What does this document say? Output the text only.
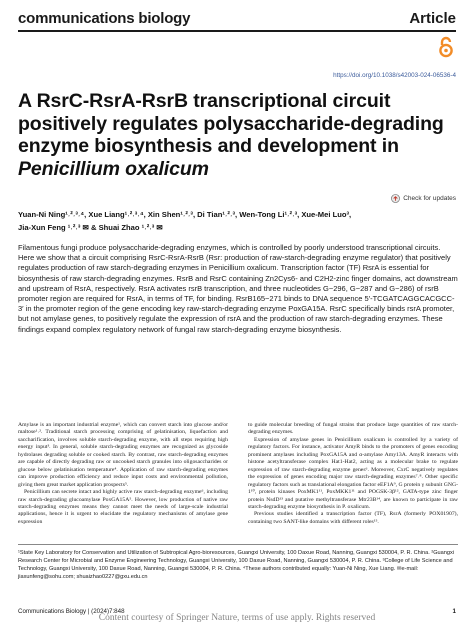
communications biology	Article
https://doi.org/10.1038/s42003-024-06536-4
A RsrC-RsrA-RsrB transcriptional circuit positively regulates polysaccharide-degrading enzyme biosynthesis and development in Penicillium oxalicum
Check for updates
Yuan-Ni Ning¹˒²˒³˒⁴, Xue Liang¹˒²˒³˒⁴, Xin Shen¹˒²˒³, Di Tian¹˒²˒³, Wen-Tong Li¹˒²˒³, Xue-Mei Luo³,
Jia-Xun Feng ¹˒²˒³ ✉ & Shuai Zhao ¹˒²˒³ ✉

Filamentous fungi produce polysaccharide-degrading enzymes, which is controlled by poorly understood transcriptional circuits. Here we show that a circuit comprising RsrC-RsrA-RsrB (Rsr: production of raw-starch-degrading enzyme regulator) that positively regulates production of raw starch-degrading enzymes in Penicillium oxalicum. Transcription factor (TF) RsrA is essential for biosynthesis of raw starch-degrading enzymes. RsrB and RsrC containing Zn2Cys6- and C2H2-zinc finger domains, act downstream and upstream of RsrA, respectively. RsrA activates rsrB transcription, and three nucleotides G−296, G−287 and G−286) of rsrB promoter region are required for RsrA, in terms of TF, for binding. RsrB165−271 binds to DNA sequence 5′-TCGATCAGGCACGCC-3′ in the promoter region of the gene encoding key raw-starch-degrading enzyme PoxGA15A. RsrC specifically binds rsrA promoter, but not amylase genes, to positively regulate the expression of rsrA and the production of raw starch-degrading enzymes. These findings expand complex regulatory network of fungal raw starch-degrading enzyme biosynthesis.

Amylase is an important industrial enzyme¹, which can convert starch into glucose and/or maltose¹˒². Traditional starch processing comprising of gelatinisation, liquefaction and saccharification, involves soluble starch-degrading enzyme, with all steps requiring high energy input³. In general, soluble starch-degrading enzymes are recognized as glycoside hydrolases degrading soluble or cooked starch. By contrast, raw starch-degrading enzymes are capable of directly degrading raw or uncooked starch granules into oligosaccharides or glucose below gelatinisation temperature⁴. Application of raw starch-degrading enzymes can improve production efficiency and reduce input costs and environmental pollution, giving them great market application prospects⁵.

Penicillium can secrete intact and highly active raw starch-degrading enzyme⁶, including raw starch-degrading glucoamylase PoxGA15A⁵. However, low production of native raw starch-degrading enzymes means they cannot meet the needs of large-scale industrial applications, hence it is urgent to elucidate the regulatory mechanisms of amylase gene expression

to guide molecular breeding of fungal strains that produce large quantities of raw starch-degrading enzymes.

Expression of amylase genes in Penicillium oxalicum is controlled by a variety of regulatory factors. For instance, activator AmyR binds to the promoters of genes encoding prominent amylases including PoxGA15A and α-amylase Amy13A. AmyR interacts with histone acetyltransferase complex Hat1-Hat2, acting as a molecular brake to regulate expression of raw starch-degrading enzyme genes⁶. Moreover, CxrC negatively regulates the expression of genes encoding major raw starch-degrading enzymes⁷˒⁸. Other specific regulatory factors such as translational elongation factor eEF1A⁹, G protein γ subunit GNG-1¹⁰, protein kinases PoxMK1¹¹, PoxMKK1¹¹ and POGSK-3β¹², GATA-type zinc finger protein NsdD¹³ and putative methyltransferase Mtr23B¹⁴, are known to participate in raw starch-degrading enzyme biosynthesis in P. oxalicum.

Previous studies identified a transcription factor (TF), RsrA (formerly POX01907), containing two SANT-like domains with different roles¹⁵.

¹State Key Laboratory for Conservation and Utilization of Subtropical Agro-bioresources, Guangxi University, 100 Daxue Road, Nanning, Guangxi 530004, P. R. China. ²Guangxi Research Center for Microbial and Enzyme Engineering Technology, Guangxi University, 100 Daxue Road, Nanning, Guangxi 530004, P. R. China. ³College of Life Science and Technology, Guangxi University, 100 Daxue Road, Nanning, Guangxi 530004, P. R. China. ⁴These authors contributed equally: Yuan-Ni Ning, Xue Liang. ✉e-mail: jiaxunfeng@sohu.com; shuaizhao0227@gxu.edu.cn
Communications Biology | (2024)7:848	1
Content courtesy of Springer Nature, terms of use apply. Rights reserved
